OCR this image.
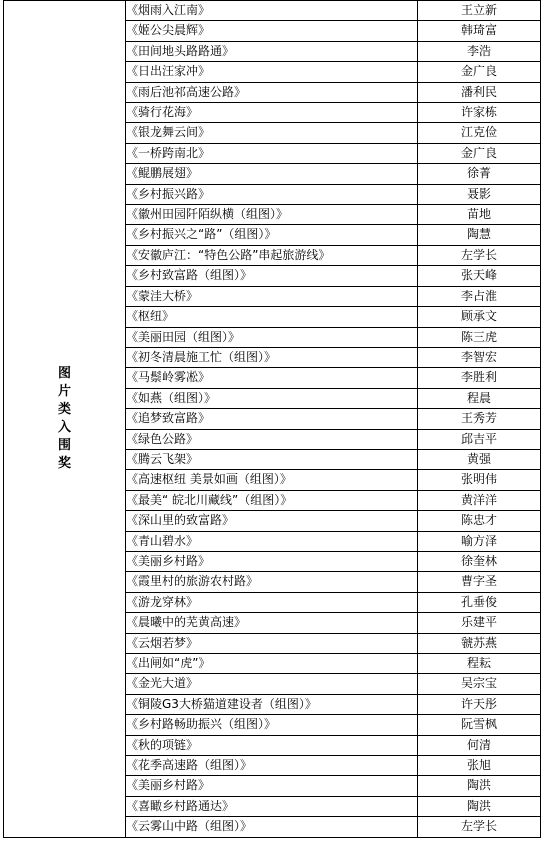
图片类入围奖	《烟雨入江南》	王立新
	《姬公尖晨辉》	韩琦富
	《田间地头路路通》	李浩
	《日出汪家冲》	金广良
	《雨后池祁高速公路》	潘利民
	《骑行花海》	许家栋
	《银龙舞云间》	江克俭
	《一桥跨南北》	金广良
	《鲲鹏展翅》	徐菁
	《乡村振兴路》	聂影
	《徽州田园阡陌纵横（组图）》	苗地
	《乡村振兴之“路”（组图）》	陶慧
	《安徽庐江：“特色公路”串起旅游线》	左学长
	《乡村致富路（组图）》	张天峰
	《蒙洼大桥》	李占淮
	《枢纽》	顾承文
	《美丽田园（组图）》	陈三虎
	《初冬清晨施工忙（组图）》	李智宏
	《马鬃岭雾凇》	李胜利
	《如燕（组图）》	程晨
	《追梦致富路》	王秀芳
	《绿色公路》	邱吉平
	《腾云飞架》	黄强
	《高速枢纽 美景如画（组图）》	张明伟
	《最美“ 皖北川藏线”（组图）》	黄洋洋
	《深山里的致富路》	陈忠才
	《青山碧水》	喻方泽
	《美丽乡村路》	徐奎林
	《霞里村的旅游农村路》	曹字圣
	《游龙穿林》	孔垂俊
	《晨曦中的芜黄高速》	乐建平
	《云烟若梦》	虢苏燕
	《出闸如“虎”》	程耘
	《金光大道》	吴宗宝
	《铜陵G3大桥猫道建设者（组图）》	许天彤
	《乡村路畅助振兴（组图）》	阮雪枫
	《秋的项链》	何清
	《花季高速路（组图）》	张旭
	《美丽乡村路》	陶洪
	《喜瞰乡村路通达》	陶洪
	《云雾山中路（组图）》	左学长
